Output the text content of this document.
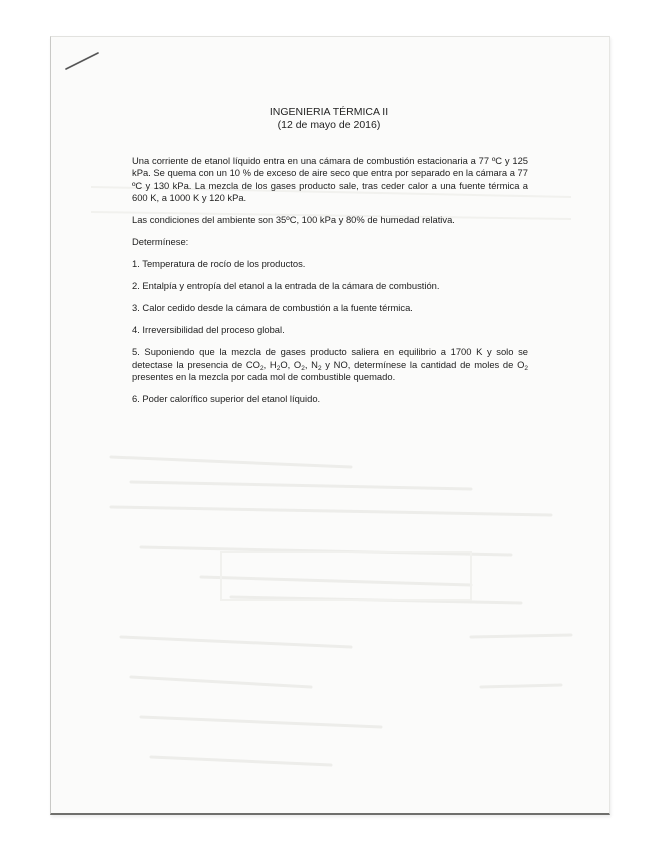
INGENIERIA TÉRMICA II
(12 de mayo de 2016)

Una corriente de etanol líquido entra en una cámara de combustión estacionaria a 77 ºC y 125 kPa. Se quema con un 10 % de exceso de aire seco que entra por separado en la cámara a 77 ºC y 130 kPa. La mezcla de los gases producto sale, tras ceder calor a una fuente térmica a 600 K, a 1000 K y 120 kPa.

Las condiciones del ambiente son 35ºC, 100 kPa y 80% de humedad relativa.

Determínese:

1. Temperatura de rocío de los productos.

2. Entalpía y entropía del etanol a la entrada de la cámara de combustión.

3. Calor cedido desde la cámara de combustión a la fuente térmica.

4. Irreversibilidad del proceso global.

5. Suponiendo que la mezcla de gases producto saliera en equilibrio a 1700 K y solo se detectase la presencia de $CO_2$, $H_2O$, $O_2$, $N_2$ y NO, determínese la cantidad de moles de $O_2$ presentes en la mezcla por cada mol de combustible quemado.

6. Poder calorífico superior del etanol líquido.
